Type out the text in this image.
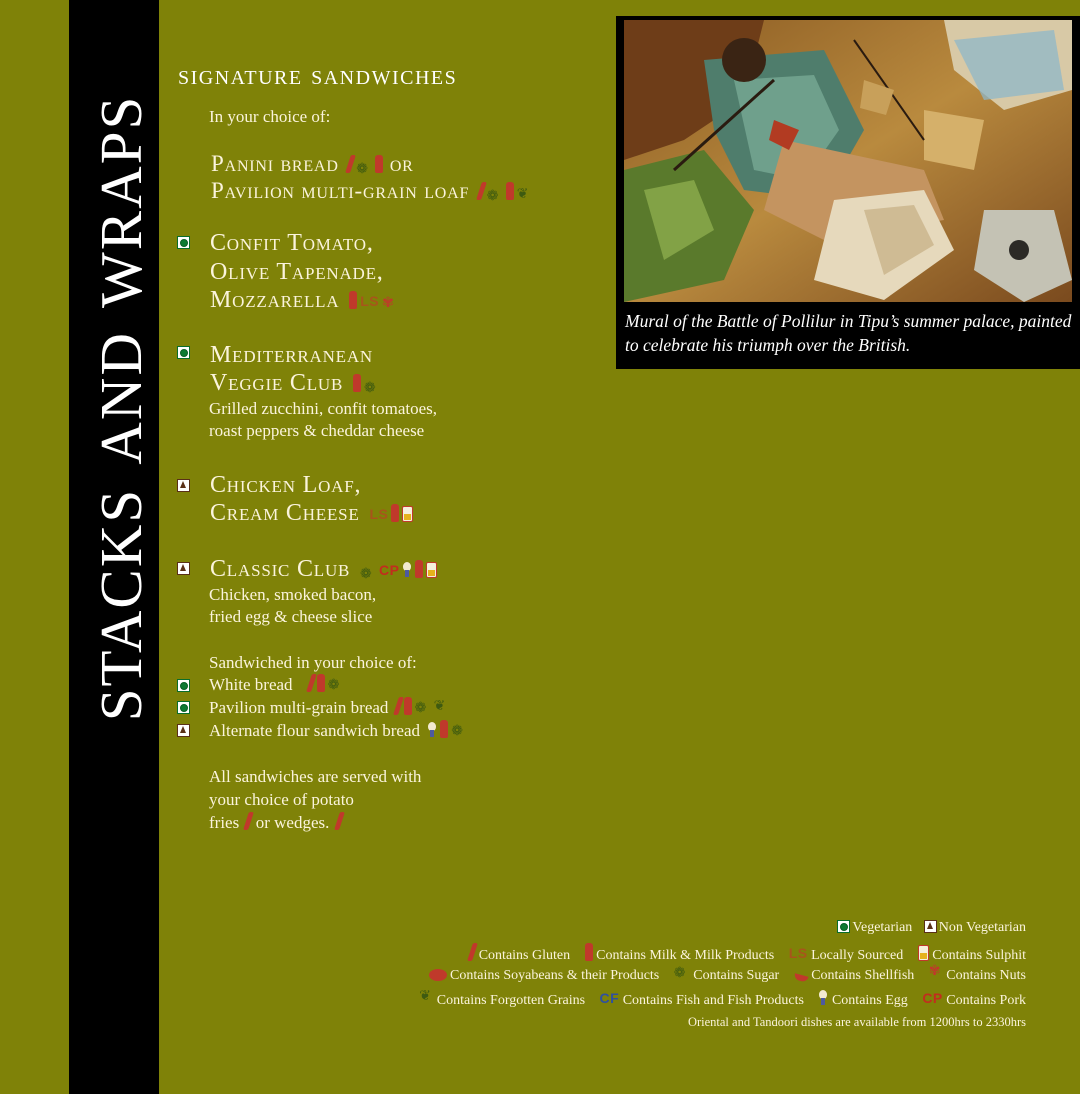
stacks and wraps	Mural of the Battle of Pollilur in Tipu’s summer palace, painted to celebrate his triumph over the British.
signature sandwiches
In your choice of:
Panini bread ❁ or
Pavilion multi-grain loaf ❁❦
Confit Tomato,
Olive Tapenade,
Mozzarella LS✾
Mediterranean
Veggie Club ❁
Grilled zucchini, confit tomatoes,
roast peppers & cheddar cheese
Chicken Loaf,
Cream Cheese LS
Classic Club ❁ CP
Chicken, smoked bacon,
fried egg & cheese slice
Sandwiched in your choice of:
White bread ❁
Pavilion multi-grain bread ❁❦
Alternate flour sandwich bread ❁
All sandwiches are served with
your choice of potato
fries or wedges.
Vegetarian Non Vegetarian
Contains Gluten Contains Milk & Milk Products LS Locally Sourced Contains Sulphit
Contains Soyabeans & their Products ❁ Contains Sugar Contains Shellfish ✾ Contains Nuts
❦ Contains Forgotten Grains CF Contains Fish and Fish Products Contains Egg CP Contains Pork
Oriental and Tandoori dishes are available from 1200hrs to 2330hrs
